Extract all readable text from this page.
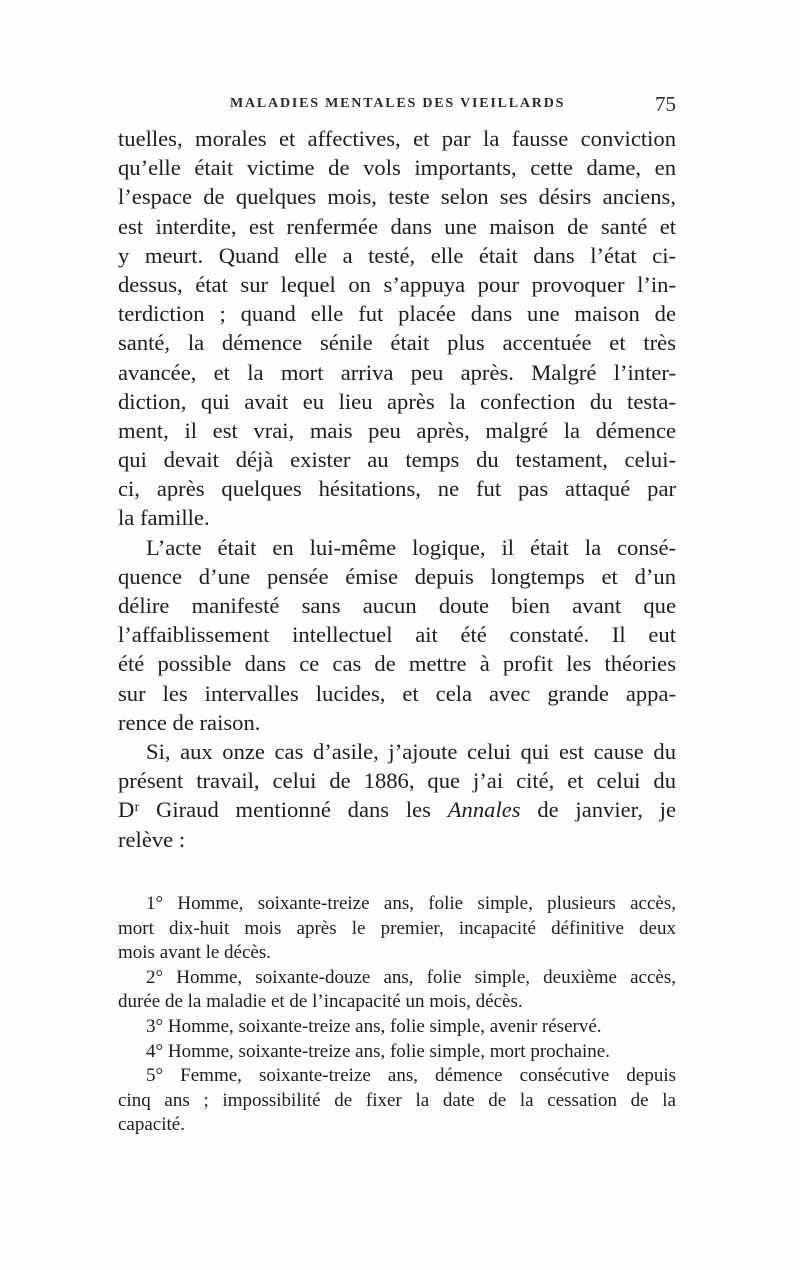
MALADIES MENTALES DES VIEILLARDS	75
tuelles, morales et affectives, et par la fausse conviction
qu’elle était victime de vols importants, cette dame, en
l’espace de quelques mois, teste selon ses désirs anciens,
est interdite, est renfermée dans une maison de santé et
y meurt. Quand elle a testé, elle était dans l’état ci-
dessus, état sur lequel on s’appuya pour provoquer l’in-
terdiction ; quand elle fut placée dans une maison de
santé, la démence sénile était plus accentuée et très
avancée, et la mort arriva peu après. Malgré l’inter-
diction, qui avait eu lieu après la confection du testa-
ment, il est vrai, mais peu après, malgré la démence
qui devait déjà exister au temps du testament, celui-
ci, après quelques hésitations, ne fut pas attaqué par
la famille.
L’acte était en lui-même logique, il était la consé-
quence d’une pensée émise depuis longtemps et d’un
délire manifesté sans aucun doute bien avant que
l’affaiblissement intellectuel ait été constaté. Il eut
été possible dans ce cas de mettre à profit les théories
sur les intervalles lucides, et cela avec grande appa-
rence de raison.
Si, aux onze cas d’asile, j’ajoute celui qui est cause du
présent travail, celui de 1886, que j’ai cité, et celui du
Dʳ Giraud mentionné dans les Annales de janvier, je
relève :
1° Homme, soixante-treize ans, folie simple, plusieurs accès,
mort dix-huit mois après le premier, incapacité définitive deux
mois avant le décès.
2° Homme, soixante-douze ans, folie simple, deuxième accès,
durée de la maladie et de l’incapacité un mois, décès.
3° Homme, soixante-treize ans, folie simple, avenir réservé.
4° Homme, soixante-treize ans, folie simple, mort prochaine.
5° Femme, soixante-treize ans, démence consécutive depuis
cinq ans ; impossibilité de fixer la date de la cessation de la
capacité.
